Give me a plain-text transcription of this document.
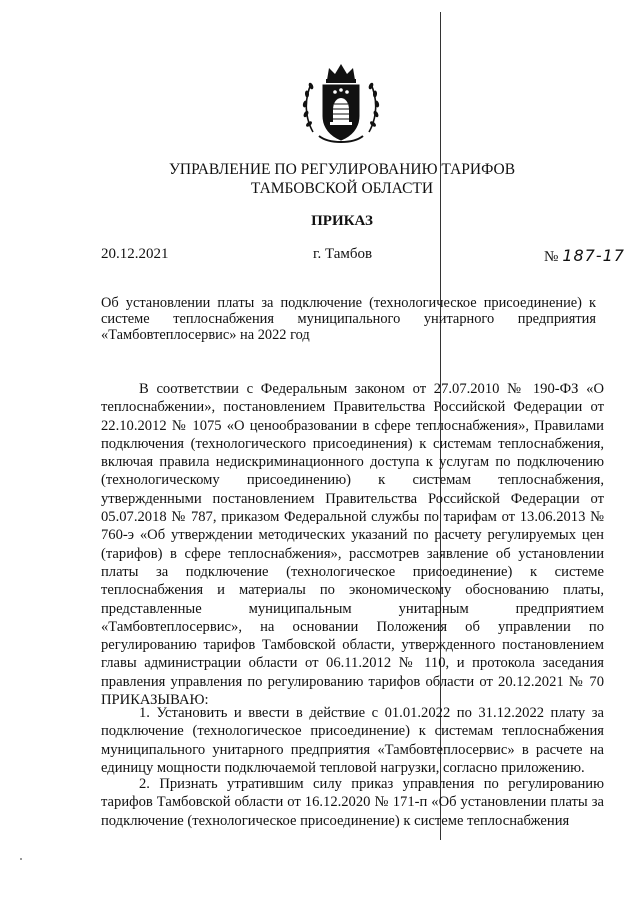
УПРАВЛЕНИЕ ПО РЕГУЛИРОВАНИЮ ТАРИФОВ
ТАМБОВСКОЙ ОБЛАСТИ
ПРИКАЗ
20.12.2021	г. Тамбов	№ 187-17
Об установлении платы за подключение (технологическое присоединение) к системе теплоснабжения муниципального унитарного предприятия «Тамбовтеплосервис» на 2022 год
В соответствии с Федеральным законом от 27.07.2010 № 190-ФЗ «О теплоснабжении», постановлением Правительства Российской Федерации от 22.10.2012 № 1075 «О ценообразовании в сфере теплоснабжения», Правилами подключения (технологического присоединения) к системам теплоснабжения, включая правила недискриминационного доступа к услугам по подключению (технологическому присоединению) к системам теплоснабжения, утвержденными постановлением Правительства Российской Федерации от 05.07.2018 № 787, приказом Федеральной службы по тарифам от 13.06.2013 № 760-э «Об утверждении методических указаний по расчету регулируемых цен (тарифов) в сфере теплоснабжения», рассмотрев заявление об установлении платы за подключение (технологическое присоединение) к системе теплоснабжения и материалы по экономическому обоснованию платы, представленные муниципальным унитарным предприятием «Тамбовтеплосервис», на основании Положения об управлении по регулированию тарифов Тамбовской области, утвержденного постановлением главы администрации области от 06.11.2012 № 110, и протокола заседания правления управления по регулированию тарифов области от 20.12.2021 № 70 ПРИКАЗЫВАЮ:
1. Установить и ввести в действие с 01.01.2022 по 31.12.2022 плату за подключение (технологическое присоединение) к системам теплоснабжения муниципального унитарного предприятия «Тамбовтеплосервис» в расчете на единицу мощности подключаемой тепловой нагрузки, согласно приложению.
2. Признать утратившим силу приказ управления по регулированию тарифов Тамбовской области от 16.12.2020 № 171-п «Об установлении платы за подключение (технологическое присоединение) к системе теплоснабжения
